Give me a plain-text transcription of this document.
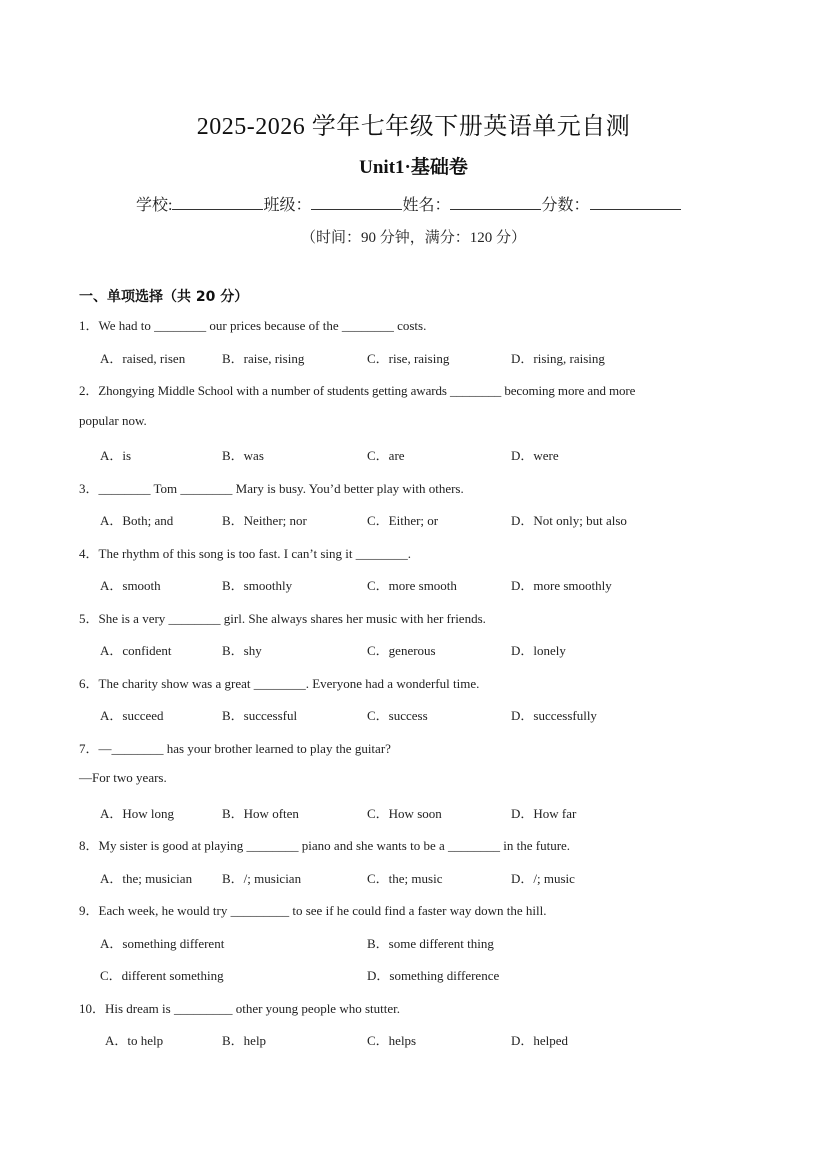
2025-2026 学年七年级下册英语单元自测
Unit1·基础卷
学校:	班级：	姓名：	分数：
（时间：90 分钟，满分：120 分）
一、单项选择（共 20 分）
1．We had to ________ our prices because of the ________ costs.
A．raised, risen	B．raise, rising	C．rise, raising	D．rising, raising
2．Zhongying Middle School with a number of students getting awards ________ becoming more and more
popular now.
A．is	B．was	C．are	D．were
3．________ Tom ________ Mary is busy. You’d better play with others.
A．Both; and	B．Neither; nor	C．Either; or	D．Not only; but also
4．The rhythm of this song is too fast. I can’t sing it ________.
A．smooth	B．smoothly	C．more smooth	D．more smoothly
5．She is a very ________ girl. She always shares her music with her friends.
A．confident	B．shy	C．generous	D．lonely
6．The charity show was a great ________. Everyone had a wonderful time.
A．succeed	B．successful	C．success	D．successfully
7．—________ has your brother learned to play the guitar?
—For two years.
A．How long	B．How often	C．How soon	D．How far
8．My sister is good at playing ________ piano and she wants to be a ________ in the future.
A．the; musician B．/; musician	C．the; music	D．/; music
9．Each week, he would try _________ to see if he could find a faster way down the hill.
A．something different	B．some different thing
C．different something	D．something difference
10．His dream is _________ other young people who stutter.
A．to help	B．help	C．helps	D．helped
